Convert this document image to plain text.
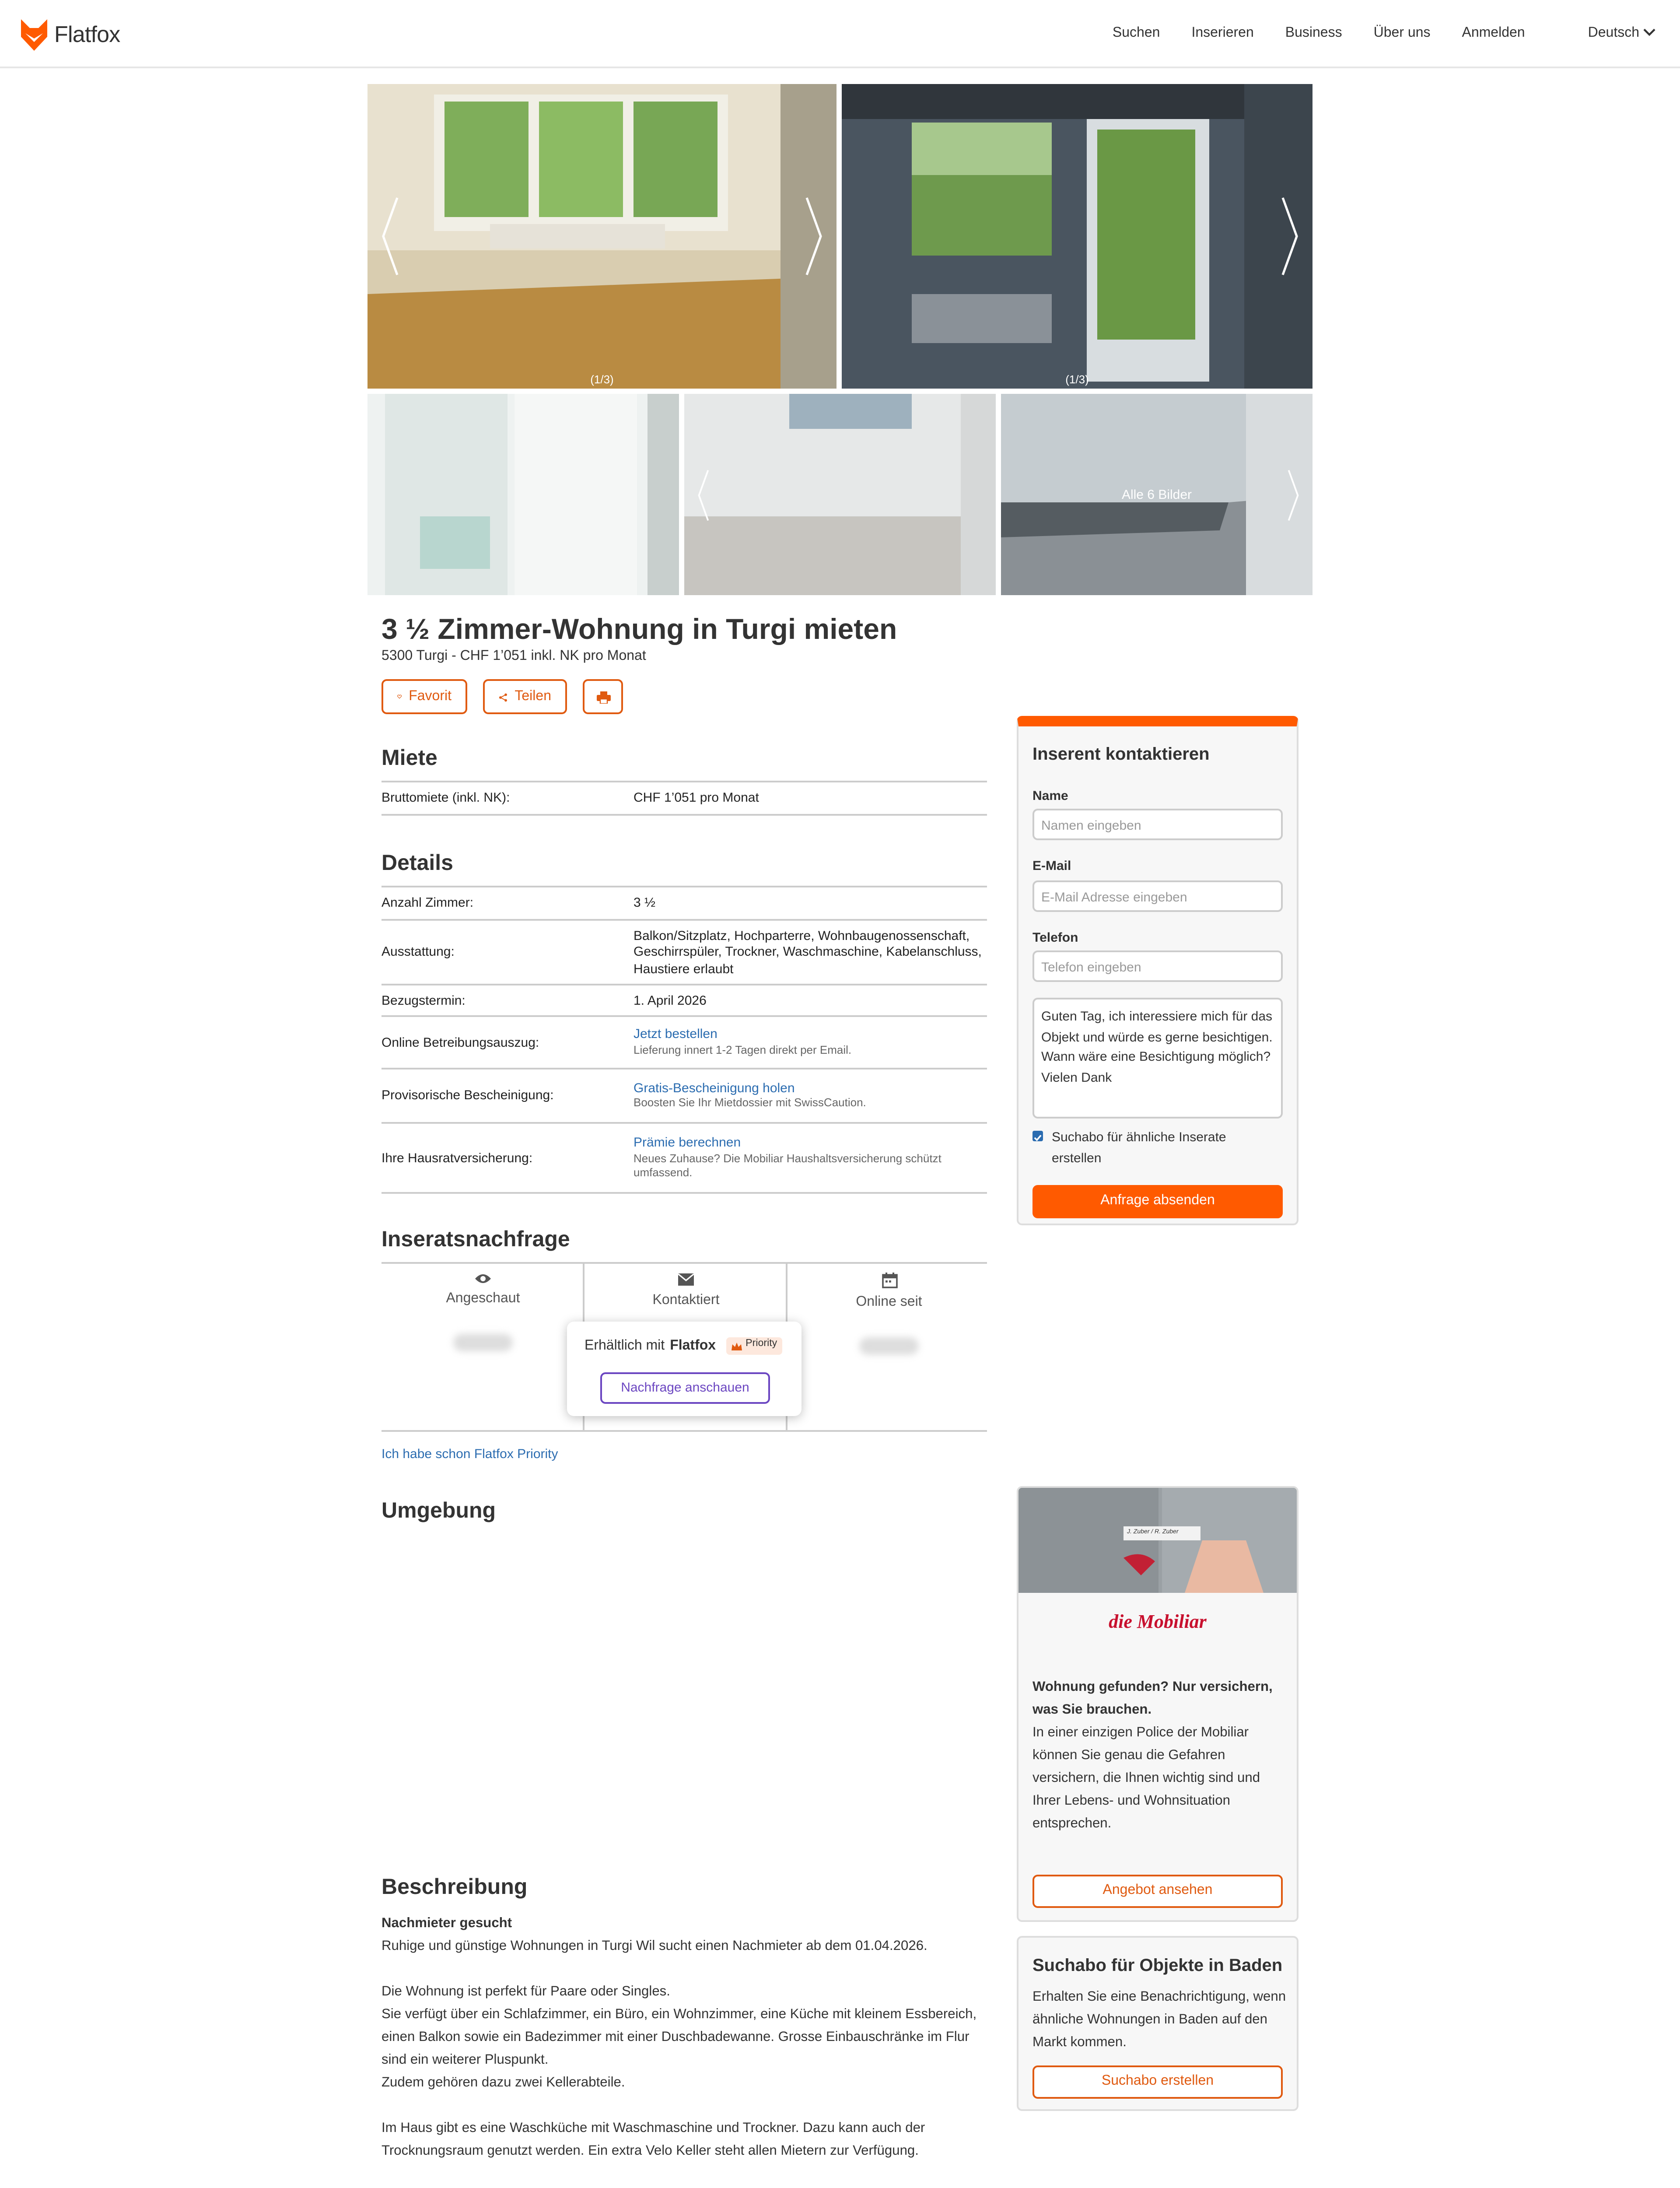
Flatfox	Suchen	Inserieren	Business	Über uns	Anmelden	Deutsch
(1/3)	(1/3)
Alle 6 Bilder
3 ½ Zimmer-Wohnung in Turgi mieten
5300 Turgi - CHF 1’051 inkl. NK pro Monat
Favorit	Teilen
Miete
Bruttomiete (inkl. NK):	CHF 1’051 pro Monat
Details
Anzahl Zimmer:	3 ½
Ausstattung:
Balkon/Sitzplatz, Hochparterre, Wohnbaugenossenschaft, Geschirrspüler, Trockner, Waschmaschine, Kabelanschluss, Haustiere erlaubt
Bezugstermin:	1. April 2026
Online Betreibungsauszug:	Jetzt bestellen
Lieferung innert 1-2 Tagen direkt per Email.
Provisorische Bescheinigung:	Gratis-Bescheinigung holen
Boosten Sie Ihr Mietdossier mit SwissCaution.
Ihre Hausratversicherung:
Prämie berechnen
Neues Zuhause? Die Mobiliar Haushaltsversicherung schützt umfassend.
Inseratsnachfrage
Angeschaut	Kontaktiert	Online seit
Erhältlich mit Flatfox	Priority
Nachfrage anschauen
Ich habe schon Flatfox Priority
Inserent kontaktieren
Name
Namen eingeben
E-Mail
E-Mail Adresse eingeben
Telefon
Telefon eingeben
Guten Tag, ich interessiere mich für das Objekt und würde es gerne besichtigen. Wann wäre eine Besichtigung möglich? Vielen Dank
Suchabo für ähnliche Inserate erstellen
Anfrage absenden
Umgebung
J. Zuber / R. Zuber
die Mobiliar
Wohnung gefunden? Nur versichern, was Sie brauchen.
In einer einzigen Police der Mobiliar können Sie genau die Gefahren versichern, die Ihnen wichtig sind und Ihrer Lebens- und Wohnsituation entsprechen.
Angebot ansehen
Suchabo für Objekte in Baden
Erhalten Sie eine Benachrichtigung, wenn ähnliche Wohnungen in Baden auf den Markt kommen.
Suchabo erstellen
Beschreibung
Nachmieter gesucht
Ruhige und günstige Wohnungen in Turgi Wil sucht einen Nachmieter ab dem 01.04.2026.

Die Wohnung ist perfekt für Paare oder Singles.
Sie verfügt über ein Schlafzimmer, ein Büro, ein Wohnzimmer, eine Küche mit kleinem Essbereich, einen Balkon sowie ein Badezimmer mit einer Duschbadewanne. Grosse Einbauschränke im Flur sind ein weiterer Pluspunkt.
Zudem gehören dazu zwei Kellerabteile.

Im Haus gibt es eine Waschküche mit Waschmaschine und Trockner. Dazu kann auch der Trocknungsraum genutzt werden. Ein extra Velo Keller steht allen Mietern zur Verfügung.
